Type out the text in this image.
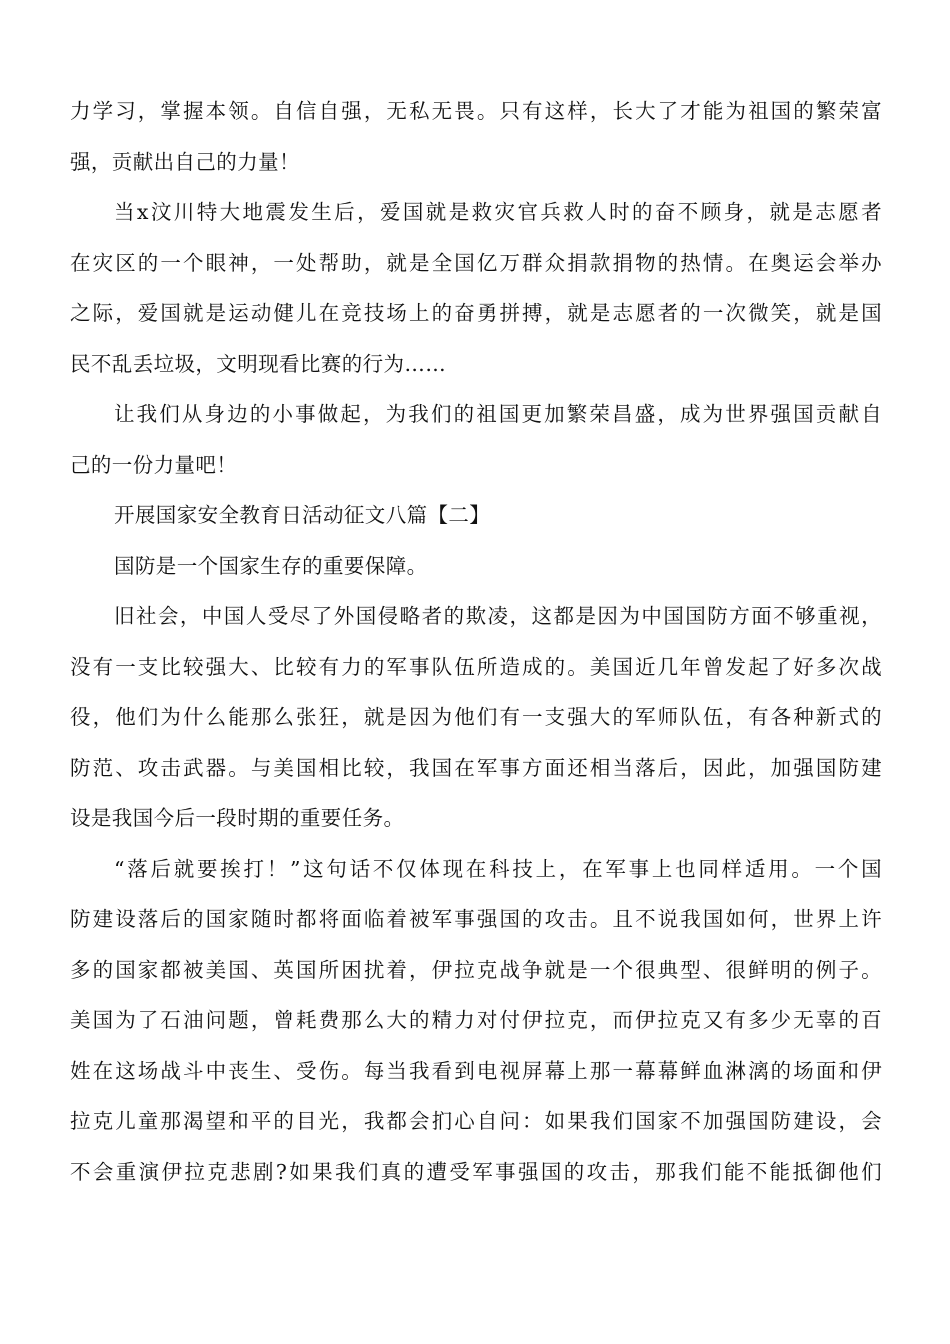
力学习，掌握本领。自信自强，无私无畏。只有这样，长大了才能为祖国的繁荣富
强，贡献出自己的力量！
当x汶川特大地震发生后，爱国就是救灾官兵救人时的奋不顾身，就是志愿者
在灾区的一个眼神，一处帮助，就是全国亿万群众捐款捐物的热情。在奥运会举办
之际，爱国就是运动健儿在竞技场上的奋勇拼搏，就是志愿者的一次微笑，就是国
民不乱丢垃圾，文明现看比赛的行为……
让我们从身边的小事做起，为我们的祖国更加繁荣昌盛，成为世界强国贡献自
己的一份力量吧！
开展国家安全教育日活动征文八篇【二】
国防是一个国家生存的重要保障。
旧社会，中国人受尽了外国侵略者的欺凌，这都是因为中国国防方面不够重视，
没有一支比较强大、比较有力的军事队伍所造成的。美国近几年曾发起了好多次战
役，他们为什么能那么张狂，就是因为他们有一支强大的军师队伍，有各种新式的
防范、攻击武器。与美国相比较，我国在军事方面还相当落后，因此，加强国防建
设是我国今后一段时期的重要任务。
“落后就要挨打！”这句话不仅体现在科技上，在军事上也同样适用。一个国
防建设落后的国家随时都将面临着被军事强国的攻击。且不说我国如何，世界上许
多的国家都被美国、英国所困扰着，伊拉克战争就是一个很典型、很鲜明的例子。
美国为了石油问题，曾耗费那么大的精力对付伊拉克，而伊拉克又有多少无辜的百
姓在这场战斗中丧生、受伤。每当我看到电视屏幕上那一幕幕鲜血淋漓的场面和伊
拉克儿童那渴望和平的目光，我都会扪心自问：如果我们国家不加强国防建设，会
不会重演伊拉克悲剧?如果我们真的遭受军事强国的攻击，那我们能不能抵御他们
